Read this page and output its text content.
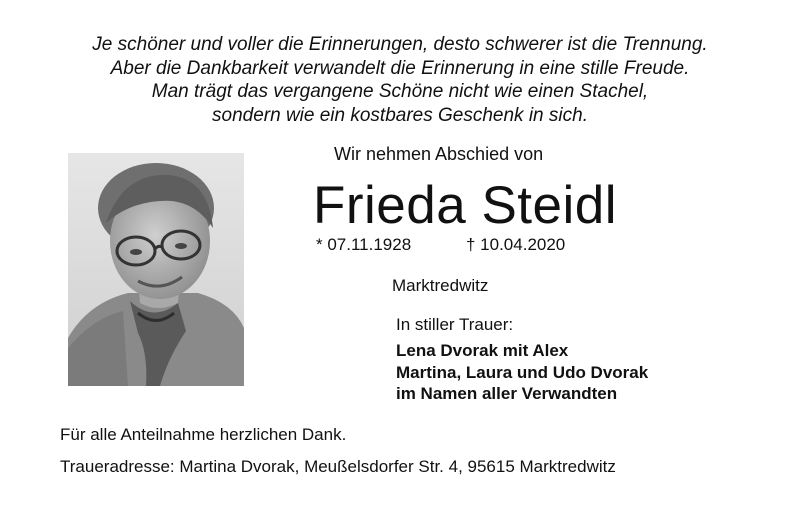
Je schöner und voller die Erinnerungen, desto schwerer ist die Trennung.
Aber die Dankbarkeit verwandelt die Erinnerung in eine stille Freude.
Man trägt das vergangene Schöne nicht wie einen Stachel,
sondern wie ein kostbares Geschenk in sich.
Wir nehmen Abschied von
Frieda Steidl
* 07.11.1928	† 10.04.2020
Marktredwitz
In stiller Trauer:
Lena Dvorak mit Alex
Martina, Laura und Udo Dvorak
im Namen aller Verwandten
Für alle Anteilnahme herzlichen Dank.
Traueradresse: Martina Dvorak, Meußelsdorfer Str. 4, 95615 Marktredwitz
